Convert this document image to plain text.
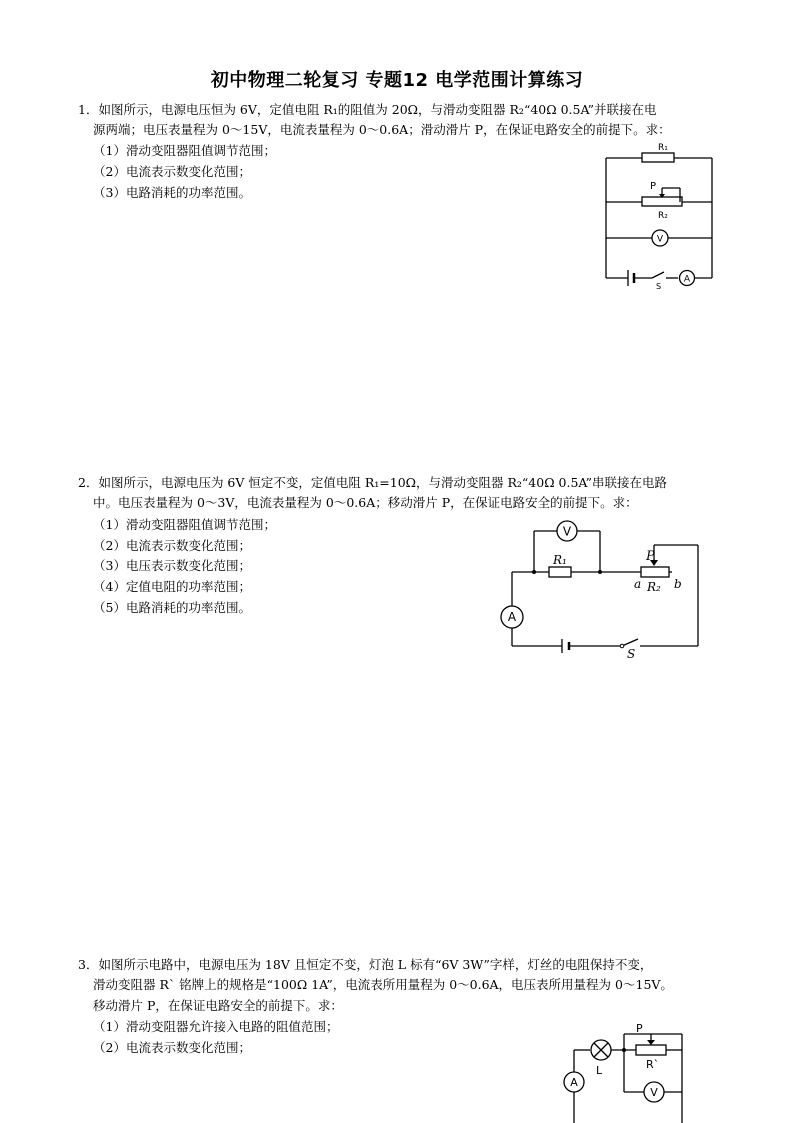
初中物理二轮复习 专题12 电学范围计算练习
1．如图所示，电源电压恒为 6V，定值电阻 R₁的阻值为 20Ω，与滑动变阻器 R₂“40Ω 0.5A”并联接在电
源两端；电压表量程为 0～15V，电流表量程为 0～0.6A；滑动滑片 P，在保证电路安全的前提下。求：
（1）滑动变阻器阻值调节范围；
（2）电流表示数变化范围；
（3）电路消耗的功率范围。
R₁
P
R₂
V
S
A
2．如图所示，电源电压为 6V 恒定不变，定值电阻 R₁=10Ω，与滑动变阻器 R₂“40Ω 0.5A”串联接在电路
中。电压表量程为 0～3V，电流表量程为 0～0.6A；移动滑片 P，在保证电路安全的前提下。求：
（1）滑动变阻器阻值调节范围；
（2）电流表示数变化范围；
（3）电压表示数变化范围；
（4）定值电阻的功率范围；
（5）电路消耗的功率范围。
V
R₁	P
a R₂ b
A
S
3．如图所示电路中，电源电压为 18V 且恒定不变，灯泡 L 标有“6V 3W”字样，灯丝的电阻保持不变，
滑动变阻器 R` 铭牌上的规格是“100Ω 1A”，电流表所用量程为 0～0.6A，电压表所用量程为 0～15V。
移动滑片 P，在保证电路安全的前提下。求：
（1）滑动变阻器允许接入电路的阻值范围；
（2）电流表示数变化范围；
P
L	R`
A
V
